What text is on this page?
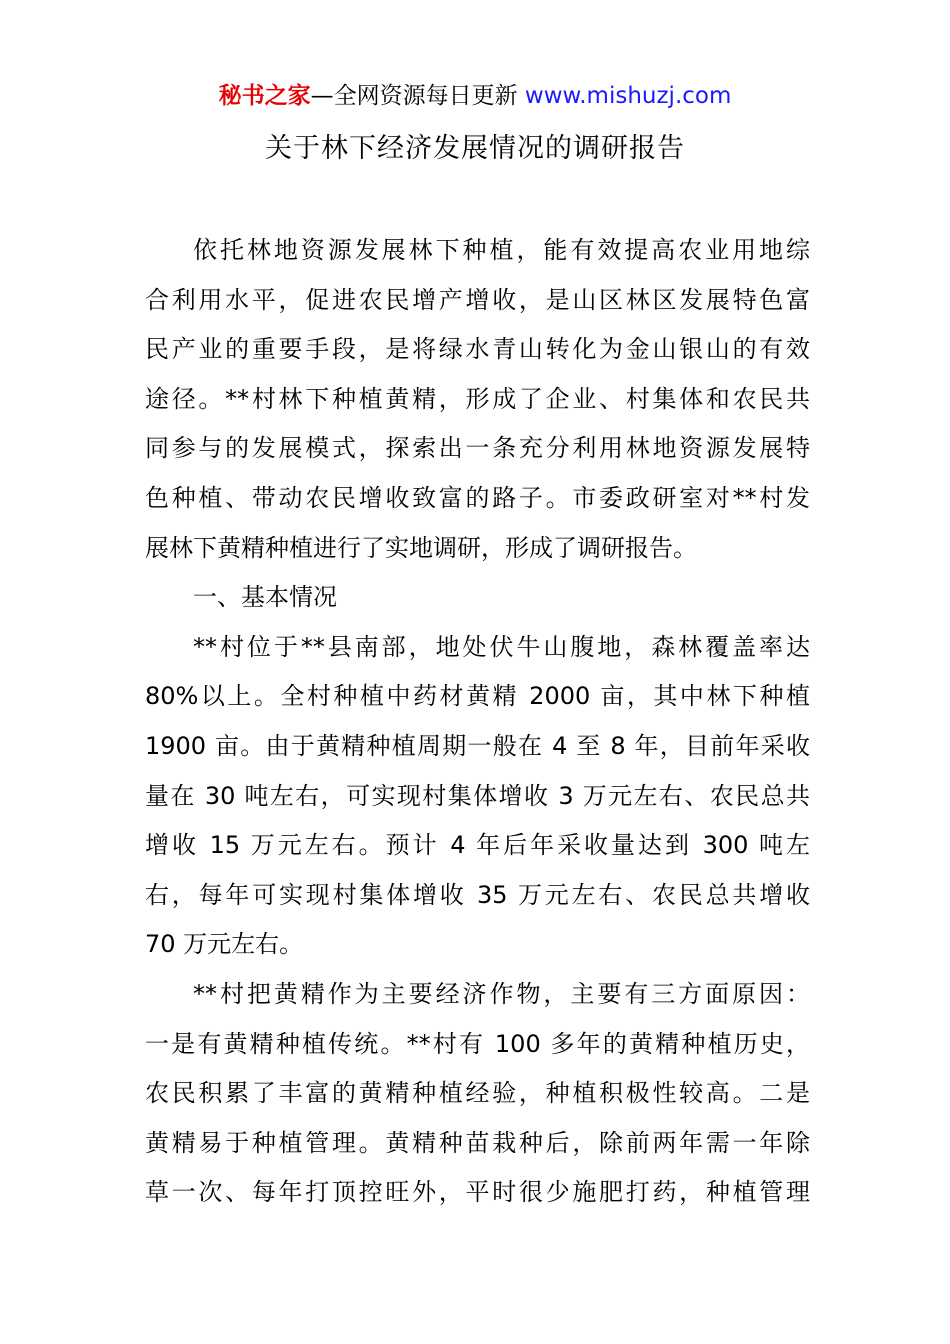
秘书之家—全网资源每日更新 www.mishuzj.com
关于林下经济发展情况的调研报告
依托林地资源发展林下种植，能有效提高农业用地综
合利用水平，促进农民增产增收，是山区林区发展特色富
民产业的重要手段，是将绿水青山转化为金山银山的有效
途径。**村林下种植黄精，形成了企业、村集体和农民共
同参与的发展模式，探索出一条充分利用林地资源发展特
色种植、带动农民增收致富的路子。市委政研室对**村发
展林下黄精种植进行了实地调研，形成了调研报告。
一、基本情况
**村位于**县南部，地处伏牛山腹地，森林覆盖率达
80%以上。全村种植中药材黄精 2000 亩，其中林下种植
1900 亩。由于黄精种植周期一般在 4 至 8 年，目前年采收
量在 30 吨左右，可实现村集体增收 3 万元左右、农民总共
增收 15 万元左右。预计 4 年后年采收量达到 300 吨左
右，每年可实现村集体增收 35 万元左右、农民总共增收
70 万元左右。
**村把黄精作为主要经济作物，主要有三方面原因：
一是有黄精种植传统。**村有 100 多年的黄精种植历史，
农民积累了丰富的黄精种植经验，种植积极性较高。二是
黄精易于种植管理。黄精种苗栽种后，除前两年需一年除
草一次、每年打顶控旺外，平时很少施肥打药，种植管理
